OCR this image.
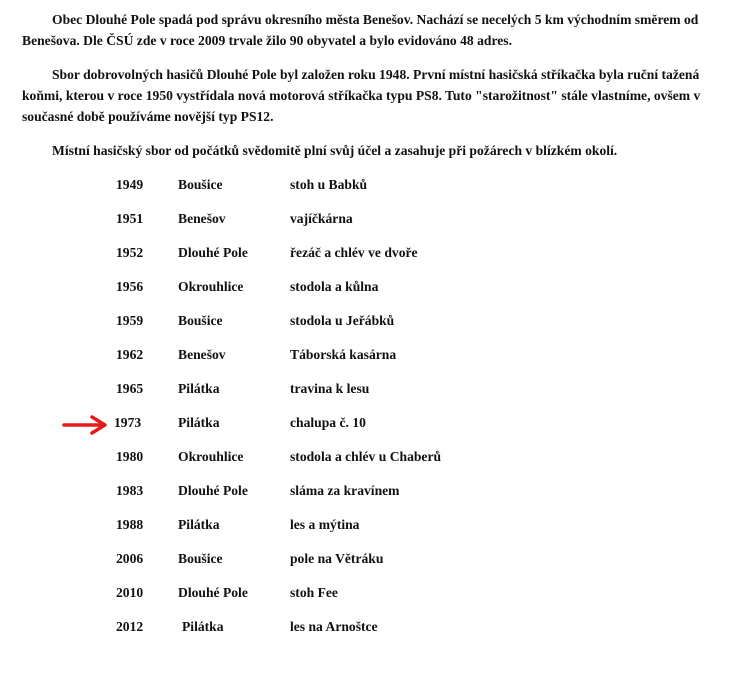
Obec Dlouhé Pole spadá pod správu okresního města Benešov. Nachází se necelých 5 km východním směrem od Benešova. Dle ČSÚ zde v roce 2009 trvale žilo 90 obyvatel a bylo evidováno 48 adres.

Sbor dobrovolných hasičů Dlouhé Pole byl založen roku 1948. První místní hasičská stříkačka byla ruční tažená koňmi, kterou v roce 1950 vystřídala nová motorová stříkačka typu PS8. Tuto "starožitnost" stále vlastníme, ovšem v současné době používáme novější typ PS12.

Místní hasičský sbor od počátků svědomitě plní svůj účel a zasahuje při požárech v blízkém okolí.

1949	Boušice	stoh u Babků
1951	Benešov	vajíčkárna
1952	Dlouhé Pole	řezáč a chlév ve dvoře
1956	Okrouhlice	stodola a kůlna
1959	Boušice	stodola u Jeřábků
1962	Benešov	Táborská kasárna
1965	Pilátka	travina k lesu
1973	Pilátka	chalupa č. 10
1980	Okrouhlice	stodola a chlév u Chaberů
1983	Dlouhé Pole	sláma za kravínem
1988	Pilátka	les a mýtina
2006	Boušice	pole na Větráku
2010	Dlouhé Pole	stoh Fee
2012	Pilátka	les na Arnoštce
